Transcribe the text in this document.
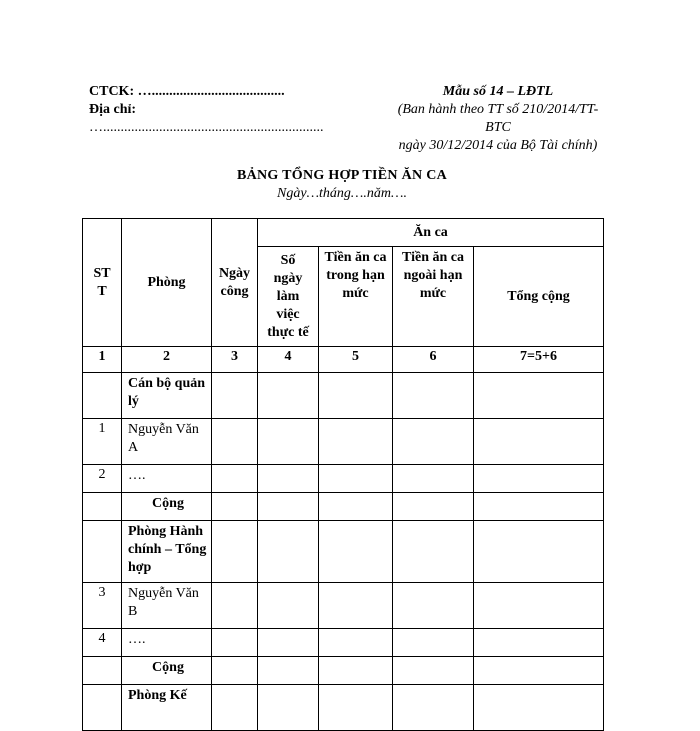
CTCK: …......................................
Địa chỉ:
…...............................................................
Mẫu số 14 – LĐTL
(Ban hành theo TT số 210/2014/TT-
BTC
ngày 30/12/2014 của Bộ Tài chính)
BẢNG TỔNG HỢP TIỀN ĂN CA
Ngày…tháng….năm….
STT	Phòng	Ngày công	Ăn ca			

			Số ngày làm việc thực tế	Tiền ăn ca trong hạn mức	Tiền ăn ca ngoài hạn mức	Tổng cộng
1	2	3	4	5	6	7=5+6
	Cán bộ quản lý					
1	Nguyễn Văn A					
2	….					
	Cộng					
	Phòng Hành chính – Tổng hợp					
3	Nguyễn Văn B					
4	….					
	Cộng					
	Phòng Kế					
